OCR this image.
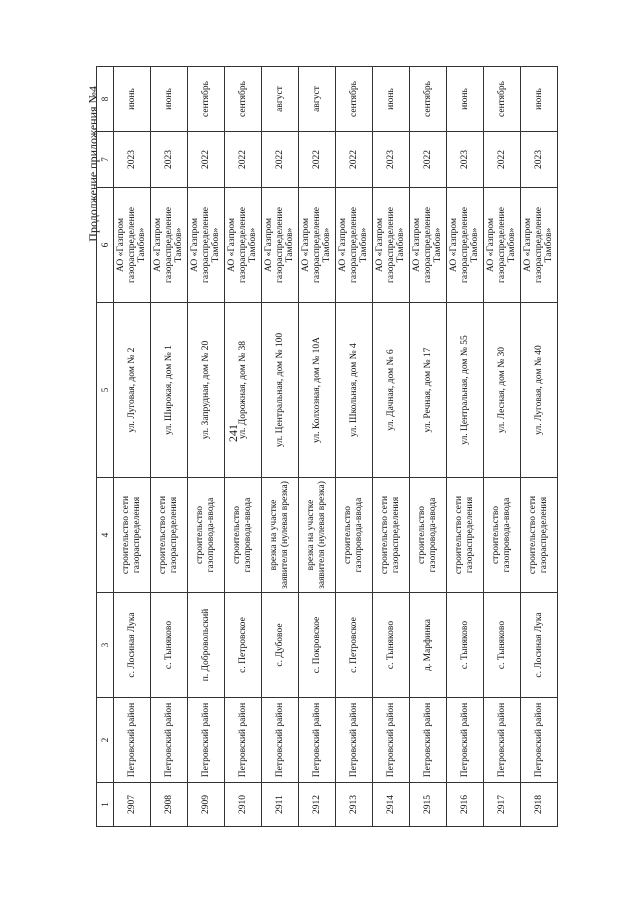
241
Продолжение приложения №4
1	2	3	4	5	6	7	8
2907	Петровский район	с. Лосиная Лука	строительство сети газораспределения	ул. Луговая, дом № 2	АО «Газпром газораспределение Тамбов»	2023	июнь
2908	Петровский район	с. Тыняково	строительство сети газораспределения	ул. Широкая, дом № 1	АО «Газпром газораспределение Тамбов»	2023	июнь
2909	Петровский район	п. Добровольский	строительство газопровода-ввода	ул. Запрудная, дом № 20	АО «Газпром газораспределение Тамбов»	2022	сентябрь
2910	Петровский район	с. Петровское	строительство газопровода-ввода	ул. Дорожная, дом № 38	АО «Газпром газораспределение Тамбов»	2022	сентябрь
2911	Петровский район	с. Дубовое	врезка на участке заявителя (нулевая врезка)	ул. Центральная, дом № 100	АО «Газпром газораспределение Тамбов»	2022	август
2912	Петровский район	с. Покровское	врезка на участке заявителя (нулевая врезка)	ул. Колхозная, дом № 10А	АО «Газпром газораспределение Тамбов»	2022	август
2913	Петровский район	с. Петровское	строительство газопровода-ввода	ул. Школьная, дом № 4	АО «Газпром газораспределение Тамбов»	2022	сентябрь
2914	Петровский район	с. Тыняково	строительство сети газораспределения	ул. Дачная, дом № 6	АО «Газпром газораспределение Тамбов»	2023	июнь
2915	Петровский район	д. Марфинка	строительство газопровода-ввода	ул. Речная, дом № 17	АО «Газпром газораспределение Тамбов»	2022	сентябрь
2916	Петровский район	с. Тыняково	строительство сети газораспределения	ул. Центральная, дом № 55	АО «Газпром газораспределение Тамбов»	2023	июнь
2917	Петровский район	с. Тыняково	строительство газопровода-ввода	ул. Лесная, дом № 30	АО «Газпром газораспределение Тамбов»	2022	сентябрь
2918	Петровский район	с. Лосиная Лука	строительство сети газораспределения	ул. Луговая, дом № 40	АО «Газпром газораспределение Тамбов»	2023	июнь
